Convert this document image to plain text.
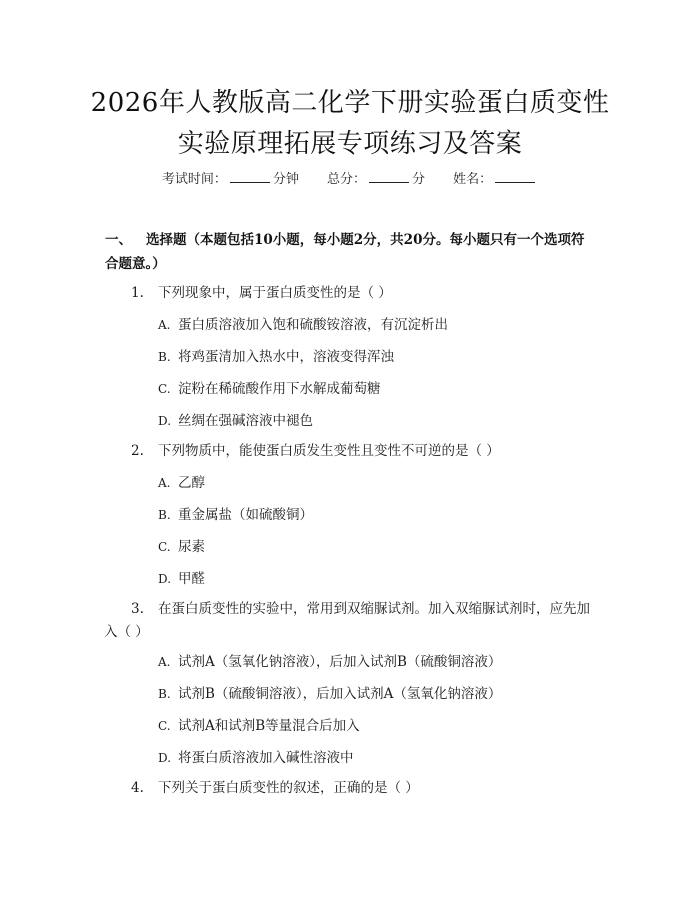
2026年人教版高二化学下册实验蛋白质变性
实验原理拓展专项练习及答案
考试时间：	分钟 总分：	分 姓名：
一、 选择题（本题包括10小题，每小题2分，共20分。每小题只有一个选项符
合题意。）
1. 下列现象中，属于蛋白质变性的是（ ）
A. 蛋白质溶液加入饱和硫酸铵溶液，有沉淀析出
B. 将鸡蛋清加入热水中，溶液变得浑浊
C. 淀粉在稀硫酸作用下水解成葡萄糖
D. 丝绸在强碱溶液中褪色
2. 下列物质中，能使蛋白质发生变性且变性不可逆的是（ ）
A. 乙醇
B. 重金属盐（如硫酸铜）
C. 尿素
D. 甲醛
3. 在蛋白质变性的实验中，常用到双缩脲试剂。加入双缩脲试剂时，应先加
入（ ）
A. 试剂A（氢氧化钠溶液），后加入试剂B（硫酸铜溶液）
B. 试剂B（硫酸铜溶液），后加入试剂A（氢氧化钠溶液）
C. 试剂A和试剂B等量混合后加入
D. 将蛋白质溶液加入碱性溶液中
4. 下列关于蛋白质变性的叙述，正确的是（ ）
